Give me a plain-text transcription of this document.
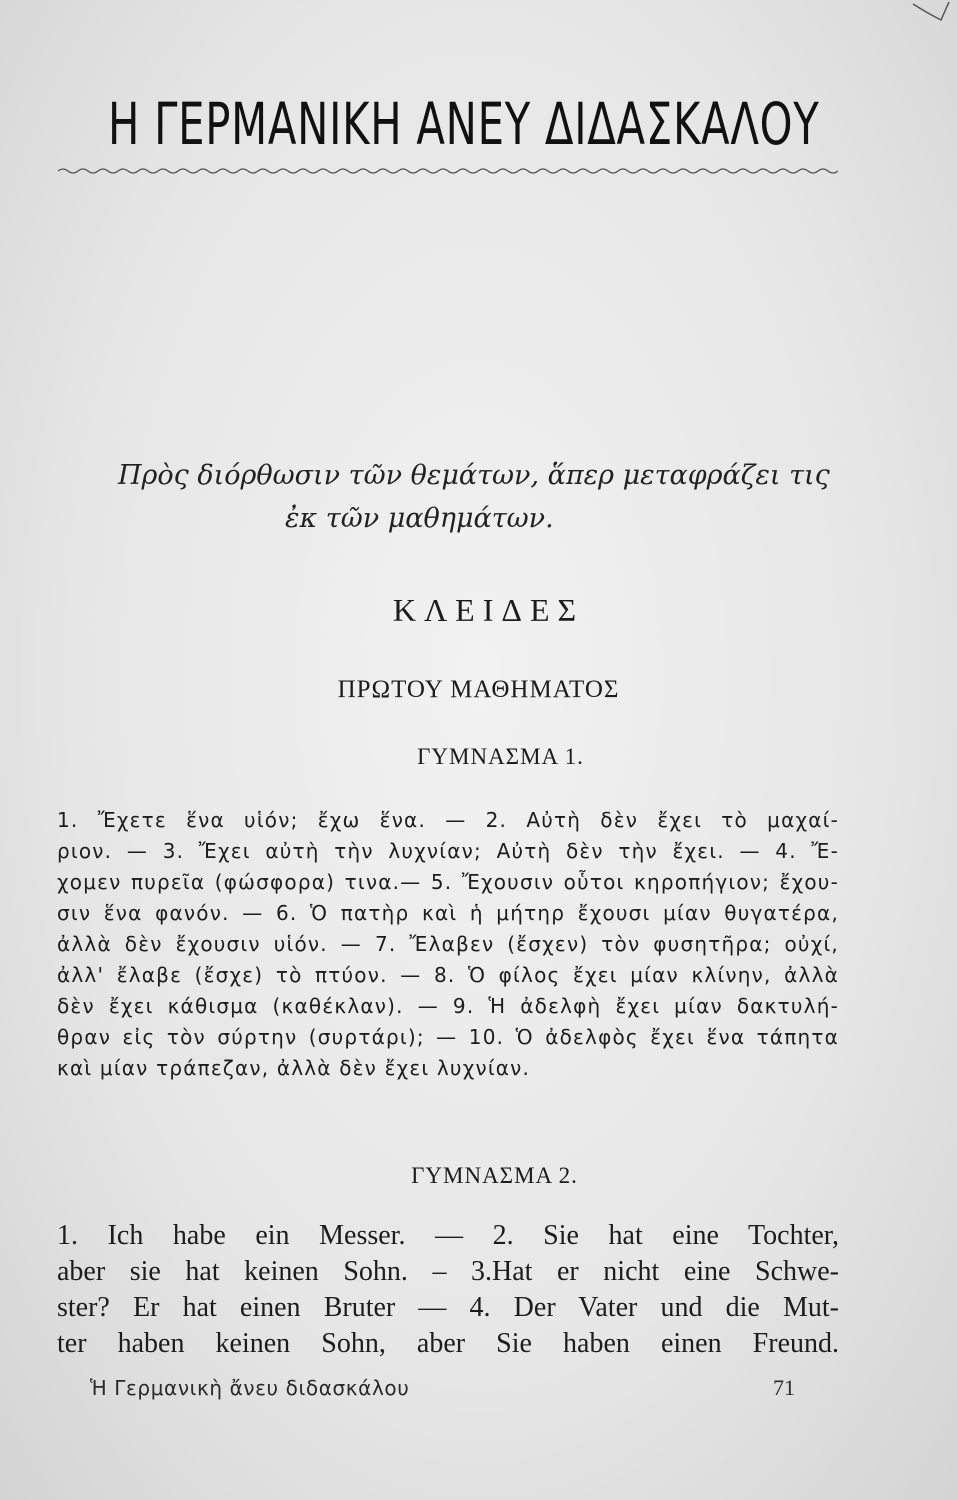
Η ΓΕΡΜΑΝΙΚΗ ΑΝΕΥ ΔΙΔΑΣΚΑΛΟΥ
Πρὸς διόρθωσιν τῶν θεμάτων, ἅπερ μεταφράζει τις
ἐκ τῶν μαθημάτων.
ΚΛΕΙΔΕΣ
ΠΡΩΤΟΥ ΜΑΘΗΜΑΤΟΣ
ΓΥΜΝΑΣΜΑ 1.
1. Ἔχετε ἕνα υἱόν; ἔχω ἕνα. — 2. Αὐτὴ δὲν ἔχει τὸ μαχαί-
ριον. — 3. Ἔχει αὐτὴ τὴν λυχνίαν; Αὐτὴ δὲν τὴν ἔχει. — 4. Ἔ-
χομεν πυρεῖα (φώσφορα) τινα.— 5. Ἔχουσιν οὗτοι κηροπήγιον; ἔχου-
σιν ἕνα φανόν. — 6. Ὁ πατὴρ καὶ ἡ μήτηρ ἔχουσι μίαν θυγατέρα,
ἀλλὰ δὲν ἔχουσιν υἱόν. — 7. Ἔλαβεν (ἔσχεν) τὸν φυσητῆρα; οὐχί,
ἀλλ' ἔλαβε (ἔσχε) τὸ πτύον. — 8. Ὁ φίλος ἔχει μίαν κλίνην, ἀλλὰ
δὲν ἔχει κάθισμα (καθέκλαν). — 9. Ἡ ἀδελφὴ ἔχει μίαν δακτυλή-
θραν εἰς τὸν σύρτην (συρτάρι); — 10. Ὁ ἀδελφὸς ἔχει ἕνα τάπητα
καὶ μίαν τράπεζαν, ἀλλὰ δὲν ἔχει λυχνίαν.
ΓΥΜΝΑΣΜΑ 2.
1. Ich habe ein Messer. — 2. Sie hat eine Tochter,
aber sie hat keinen Sohn. – 3.Hat er nicht eine Schwe-
ster? Er hat einen Bruter — 4. Der Vater und die Mut-
ter haben keinen Sohn, aber Sie haben einen Freund.
Ἡ Γερμανικὴ ἄνευ διδασκάλου	71
